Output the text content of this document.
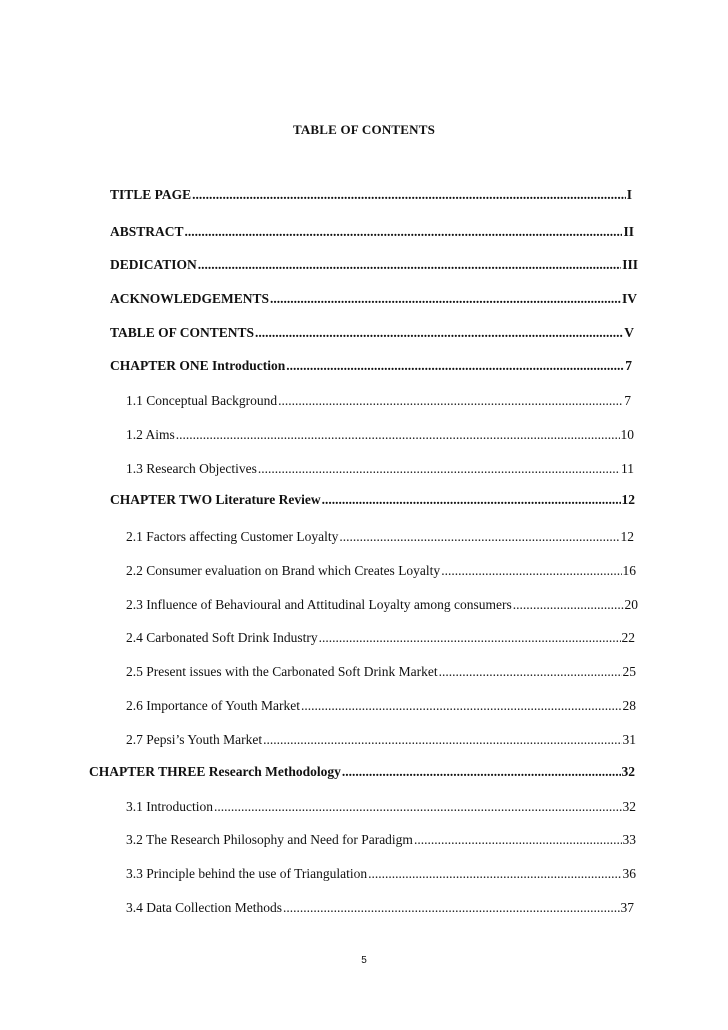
TABLE OF CONTENTS
TITLE PAGE .....	I
ABSTRACT .....	II
DEDICATION .....	III
ACKNOWLEDGEMENTS .....	IV
TABLE OF CONTENTS .....	V
CHAPTER ONE Introduction .....	7
1.1 Conceptual Background .....	7
1.2 Aims .....	10
1.3 Research Objectives .....	11
CHAPTER TWO Literature Review .....	12
2.1 Factors affecting Customer Loyalty .....	12
2.2 Consumer evaluation on Brand which Creates Loyalty .....	16
2.3 Influence of Behavioural and Attitudinal Loyalty among consumers .....	20
2.4 Carbonated Soft Drink Industry .....	22
2.5 Present issues with the Carbonated Soft Drink Market .....	25
2.6 Importance of Youth Market .....	28
2.7 Pepsi’s Youth Market .....	31
CHAPTER THREE Research Methodology .....	32
3.1 Introduction .....	32
3.2 The Research Philosophy and Need for Paradigm .....	33
3.3 Principle behind the use of Triangulation .....	36
3.4 Data Collection Methods .....	37
5
